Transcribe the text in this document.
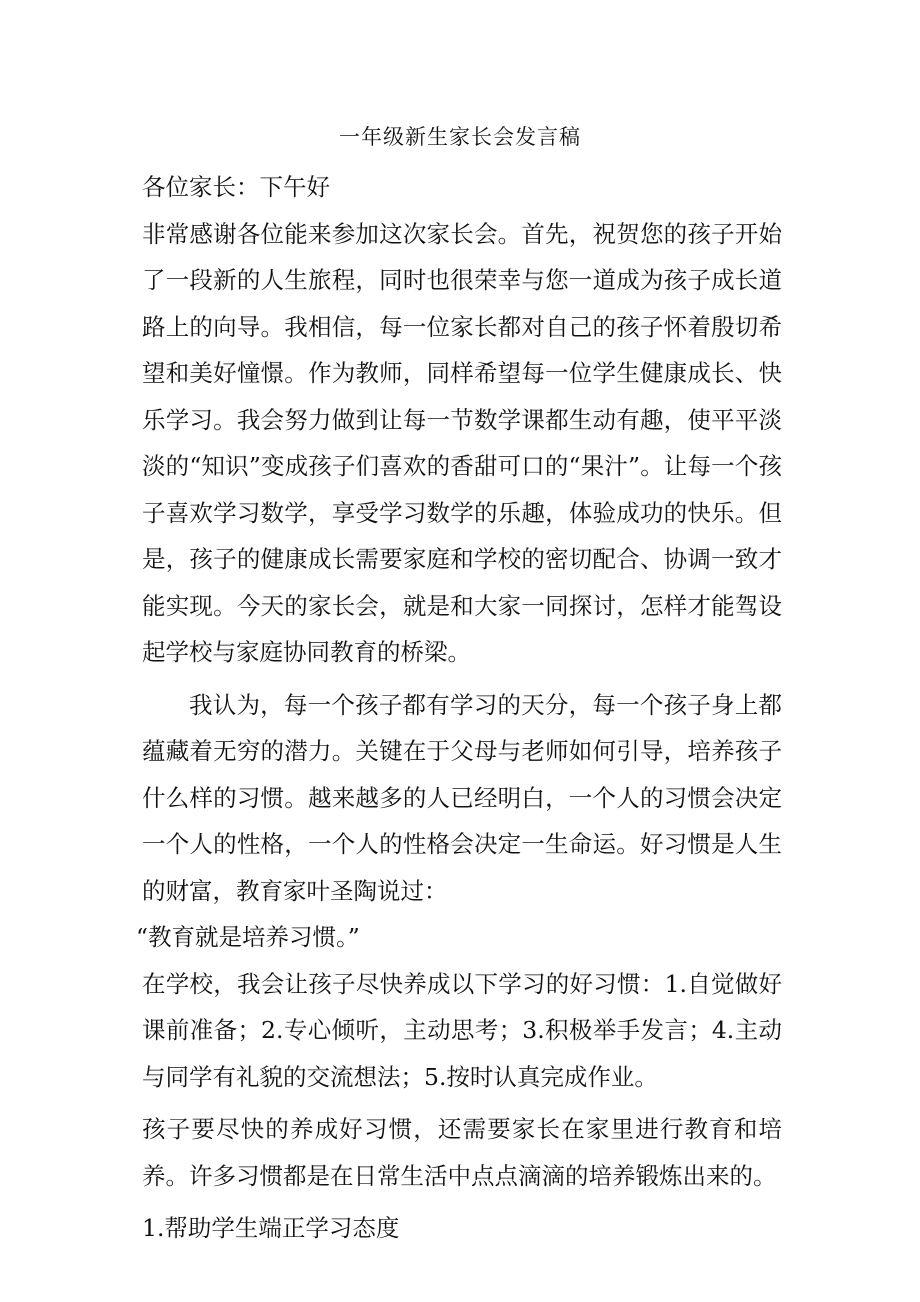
一年级新生家长会发言稿

各位家长：下午好

非常感谢各位能来参加这次家长会。首先，祝贺您的孩子开始了一段新的人生旅程，同时也很荣幸与您一道成为孩子成长道路上的向导。我相信，每一位家长都对自己的孩子怀着殷切希望和美好憧憬。作为教师，同样希望每一位学生健康成长、快乐学习。我会努力做到让每一节数学课都生动有趣，使平平淡淡的“知识”变成孩子们喜欢的香甜可口的“果汁”。让每一个孩子喜欢学习数学，享受学习数学的乐趣，体验成功的快乐。但是，孩子的健康成长需要家庭和学校的密切配合、协调一致才能实现。今天的家长会，就是和大家一同探讨，怎样才能驾设起学校与家庭协同教育的桥梁。

我认为，每一个孩子都有学习的天分，每一个孩子身上都蕴藏着无穷的潜力。关键在于父母与老师如何引导，培养孩子什么样的习惯。越来越多的人已经明白，一个人的习惯会决定一个人的性格，一个人的性格会决定一生命运。好习惯是人生的财富，教育家叶圣陶说过：

“教育就是培养习惯。”

在学校，我会让孩子尽快养成以下学习的好习惯：1.自觉做好课前准备；2.专心倾听，主动思考；3.积极举手发言；4.主动与同学有礼貌的交流想法；5.按时认真完成作业。

孩子要尽快的养成好习惯，还需要家长在家里进行教育和培养。许多习惯都是在日常生活中点点滴滴的培养锻炼出来的。

1.帮助学生端正学习态度
